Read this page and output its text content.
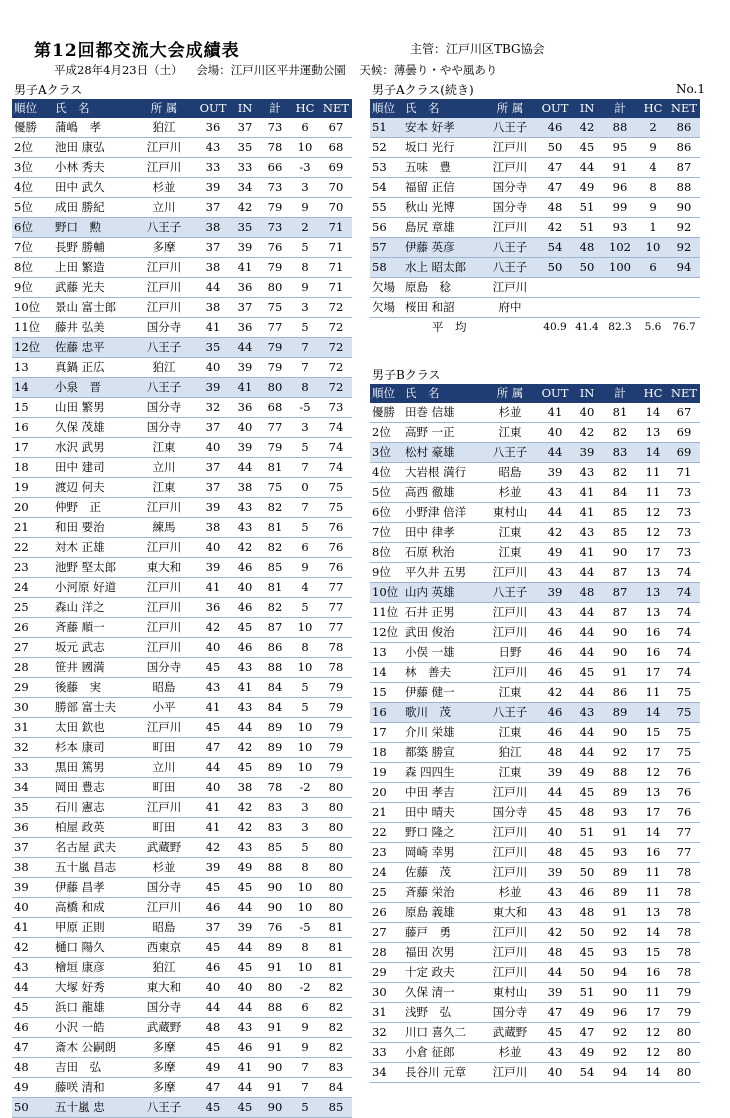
第12回都交流大会成績表	主管：江戸川区TBG協会
平成28年4月23日（土） 会場：江戸川区平井運動公園 天候：薄曇り・やや風あり
男子Aクラス	男子Aクラス(続き)	No.1
男子Bクラス
順位	氏　名	所 属	OUT	IN	計	HC	NET
優勝	蒲嶋　孝	狛江	36	37	73	6	67
2位	池田 康弘	江戸川	43	35	78	10	68
3位	小林 秀夫	江戸川	33	33	66	-3	69
4位	田中 武久	杉並	39	34	73	3	70
5位	成田 勝紀	立川	37	42	79	9	70
6位	野口　勲	八王子	38	35	73	2	71
7位	長野 勝輔	多摩	37	39	76	5	71
8位	上田 繁造	江戸川	38	41	79	8	71
9位	武藤 光夫	江戸川	44	36	80	9	71
10位	景山 富士郎	江戸川	38	37	75	3	72
11位	藤井 弘美	国分寺	41	36	77	5	72
12位	佐藤 忠平	八王子	35	44	79	7	72
13	真鍋 正広	狛江	40	39	79	7	72
14	小泉　晋	八王子	39	41	80	8	72
15	山田 繁男	国分寺	32	36	68	-5	73
16	久保 茂雄	国分寺	37	40	77	3	74
17	水沢 武男	江東	40	39	79	5	74
18	田中 建司	立川	37	44	81	7	74
19	渡辺 何夫	江東	37	38	75	0	75
20	仲野　正	江戸川	39	43	82	7	75
21	和田 要治	練馬	38	43	81	5	76
22	対木 正雄	江戸川	40	42	82	6	76
23	池野 堅太郎	東大和	39	46	85	9	76
24	小河原 好道	江戸川	41	40	81	4	77
25	森山 洋之	江戸川	36	46	82	5	77
26	斉藤 順一	江戸川	42	45	87	10	77
27	坂元 武志	江戸川	40	46	86	8	78
28	笹井 國満	国分寺	45	43	88	10	78
29	後藤　実	昭島	43	41	84	5	79
30	勝部 富士夫	小平	41	43	84	5	79
31	太田 欽也	江戸川	45	44	89	10	79
32	杉本 康司	町田	47	42	89	10	79
33	黒田 篤男	立川	44	45	89	10	79
34	岡田 豊志	町田	40	38	78	-2	80
35	石川 憲志	江戸川	41	42	83	3	80
36	柏屋 政英	町田	41	42	83	3	80
37	名古屋 武夫	武蔵野	42	43	85	5	80
38	五十嵐 昌志	杉並	39	49	88	8	80
39	伊藤 昌孝	国分寺	45	45	90	10	80
40	高橋 和成	江戸川	46	44	90	10	80
41	甲原 正則	昭島	37	39	76	-5	81
42	樋口 陽久	西東京	45	44	89	8	81
43	檜垣 康彦	狛江	46	45	91	10	81
44	大塚 好秀	東大和	40	40	80	-2	82
45	浜口 龍雄	国分寺	44	44	88	6	82
46	小沢 一皓	武蔵野	48	43	91	9	82
47	斎木 公嗣朗	多摩	45	46	91	9	82
48	吉田　弘	多摩	49	41	90	7	83
49	藤咲 清和	多摩	47	44	91	7	84
50	五十嵐 忠	八王子	45	45	90	5	85
順位	氏　名	所 属	OUT	IN	計	HC	NET
51	安本 好孝	八王子	46	42	88	2	86
52	坂口 光行	江戸川	50	45	95	9	86
53	五味　豊	江戸川	47	44	91	4	87
54	福留 正信	国分寺	47	49	96	8	88
55	秋山 光博	国分寺	48	51	99	9	90
56	島尻 章雄	江戸川	42	51	93	1	92
57	伊藤 英彦	八王子	54	48	102	10	92
58	水上 昭太郎	八王子	50	50	100	6	94
欠場	原島　稔	江戸川					
欠場	桜田 和詔	府中					
	平　均		40.9	41.4	82.3	5.6	76.7
順位	氏　名	所 属	OUT	IN	計	HC	NET
優勝	田巻 信雄	杉並	41	40	81	14	67
2位	高野 一正	江東	40	42	82	13	69
3位	松村 豪雄	八王子	44	39	83	14	69
4位	大岩根 満行	昭島	39	43	82	11	71
5位	高西 徹雄	杉並	43	41	84	11	73
6位	小野津 倍洋	東村山	44	41	85	12	73
7位	田中 律孝	江東	42	43	85	12	73
8位	石原 秋治	江東	49	41	90	17	73
9位	平久井 五男	江戸川	43	44	87	13	74
10位	山内 英雄	八王子	39	48	87	13	74
11位	石井 正男	江戸川	43	44	87	13	74
12位	武田 俊治	江戸川	46	44	90	16	74
13	小俣 一雄	日野	46	44	90	16	74
14	林　善夫	江戸川	46	45	91	17	74
15	伊藤 健一	江東	42	44	86	11	75
16	歌川　茂	八王子	46	43	89	14	75
17	介川 栄雄	江東	46	44	90	15	75
18	都築 勝宣	狛江	48	44	92	17	75
19	森 四四生	江東	39	49	88	12	76
20	中田 孝吉	江戸川	44	45	89	13	76
21	田中 晴夫	国分寺	45	48	93	17	76
22	野口 隆之	江戸川	40	51	91	14	77
23	岡崎 幸男	江戸川	48	45	93	16	77
24	佐藤　茂	江戸川	39	50	89	11	78
25	斉藤 栄治	杉並	43	46	89	11	78
26	原島 義雄	東大和	43	48	91	13	78
27	藤戸　勇	江戸川	42	50	92	14	78
28	福田 次男	江戸川	48	45	93	15	78
29	十定 政夫	江戸川	44	50	94	16	78
30	久保 清一	東村山	39	51	90	11	79
31	浅野　弘	国分寺	47	49	96	17	79
32	川口 喜久二	武蔵野	45	47	92	12	80
33	小倉 征郎	杉並	43	49	92	12	80
34	長谷川 元章	江戸川	40	54	94	14	80
